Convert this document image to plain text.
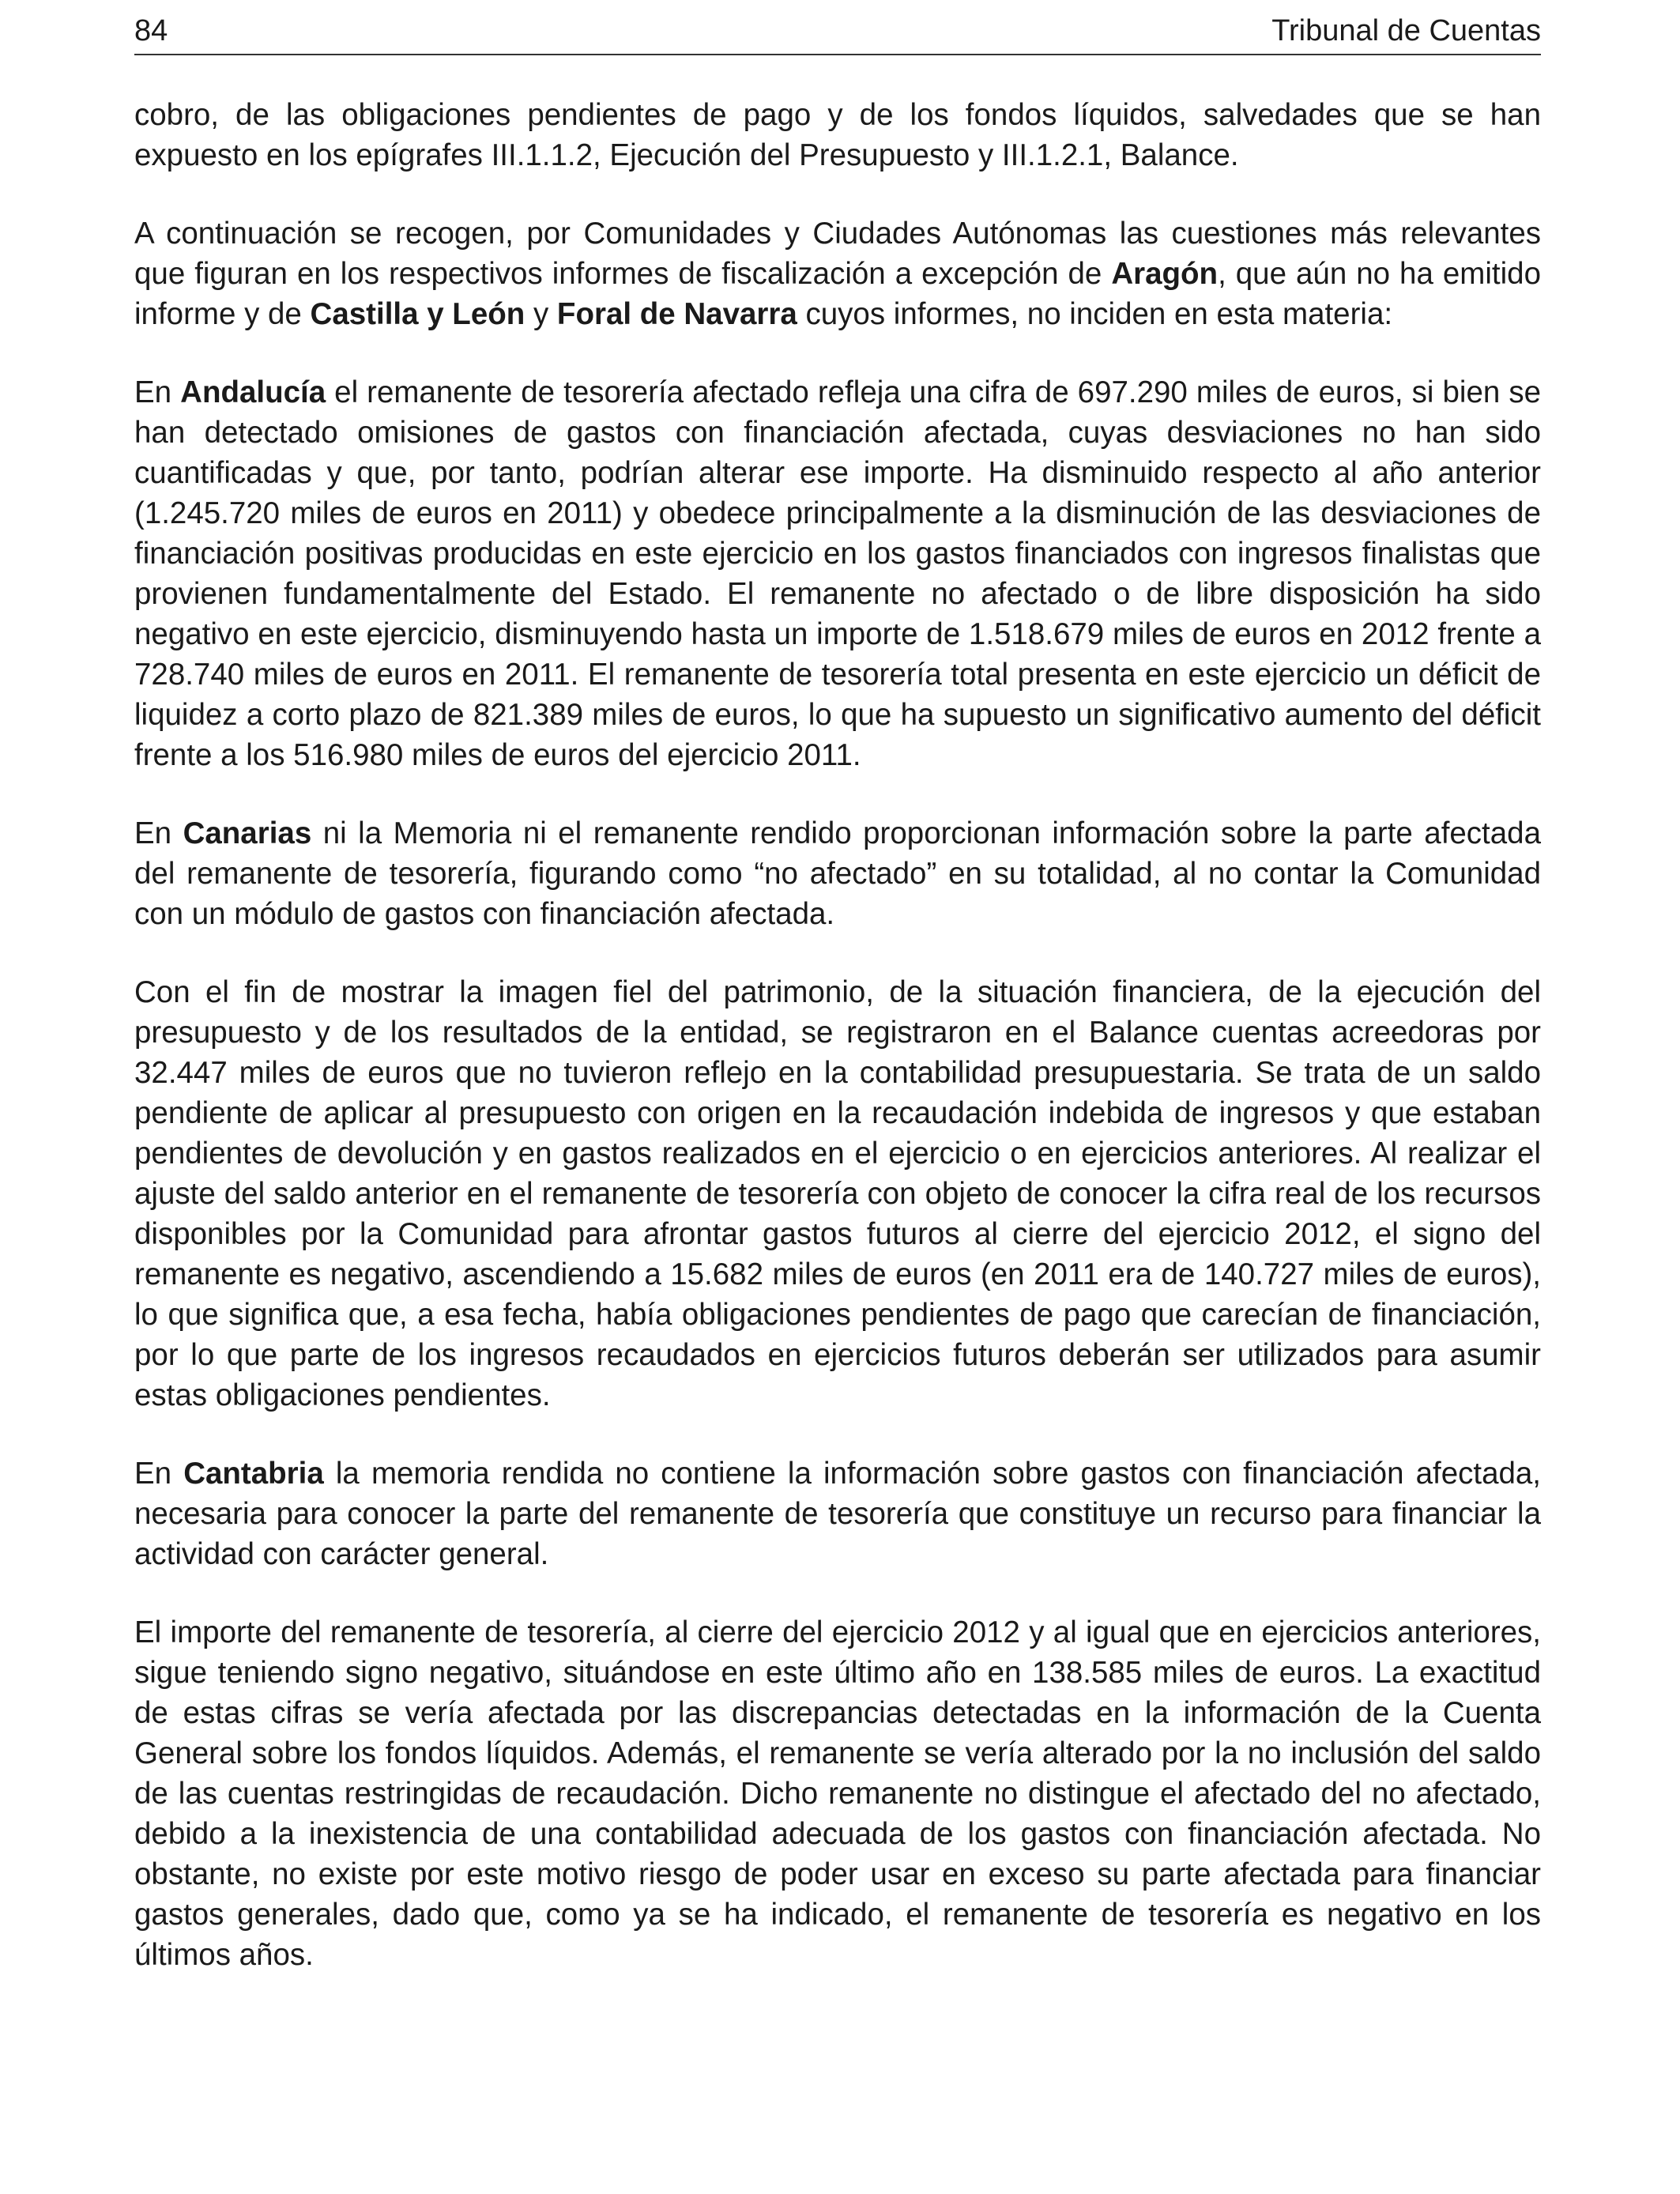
84	Tribunal de Cuentas

cobro, de las obligaciones pendientes de pago y de los fondos líquidos, salvedades que se han expuesto en los epígrafes III.1.1.2, Ejecución del Presupuesto y III.1.2.1, Balance.

A continuación se recogen, por Comunidades y Ciudades Autónomas las cuestiones más relevantes que figuran en los respectivos informes de fiscalización a excepción de Aragón, que aún no ha emitido informe y de Castilla y León y Foral de Navarra cuyos informes, no inciden en esta materia:

En Andalucía el remanente de tesorería afectado refleja una cifra de 697.290 miles de euros, si bien se han detectado omisiones de gastos con financiación afectada, cuyas desviaciones no han sido cuantificadas y que, por tanto, podrían alterar ese importe. Ha disminuido respecto al año anterior (1.245.720 miles de euros en 2011) y obedece principalmente a la disminución de las desviaciones de financiación positivas producidas en este ejercicio en los gastos financiados con ingresos finalistas que provienen fundamentalmente del Estado. El remanente no afectado o de libre disposición ha sido negativo en este ejercicio, disminuyendo hasta un importe de 1.518.679 miles de euros en 2012 frente a 728.740 miles de euros en 2011. El remanente de tesorería total presenta en este ejercicio un déficit de liquidez a corto plazo de 821.389 miles de euros, lo que ha supuesto un significativo aumento del déficit frente a los 516.980 miles de euros del ejercicio 2011.

En Canarias ni la Memoria ni el remanente rendido proporcionan información sobre la parte afectada del remanente de tesorería, figurando como “no afectado” en su totalidad, al no contar la Comunidad con un módulo de gastos con financiación afectada.

Con el fin de mostrar la imagen fiel del patrimonio, de la situación financiera, de la ejecución del presupuesto y de los resultados de la entidad, se registraron en el Balance cuentas acreedoras por 32.447 miles de euros que no tuvieron reflejo en la contabilidad presupuestaria. Se trata de un saldo pendiente de aplicar al presupuesto con origen en la recaudación indebida de ingresos y que estaban pendientes de devolución y en gastos realizados en el ejercicio o en ejercicios anteriores. Al realizar el ajuste del saldo anterior en el remanente de tesorería con objeto de conocer la cifra real de los recursos disponibles por la Comunidad para afrontar gastos futuros al cierre del ejercicio 2012, el signo del remanente es negativo, ascendiendo a 15.682 miles de euros (en 2011 era de 140.727 miles de euros), lo que significa que, a esa fecha, había obligaciones pendientes de pago que carecían de financiación, por lo que parte de los ingresos recaudados en ejercicios futuros deberán ser utilizados para asumir estas obligaciones pendientes.

En Cantabria la memoria rendida no contiene la información sobre gastos con financiación afectada, necesaria para conocer la parte del remanente de tesorería que constituye un recurso para financiar la actividad con carácter general.

El importe del remanente de tesorería, al cierre del ejercicio 2012 y al igual que en ejercicios anteriores, sigue teniendo signo negativo, situándose en este último año en 138.585 miles de euros. La exactitud de estas cifras se vería afectada por las discrepancias detectadas en la información de la Cuenta General sobre los fondos líquidos. Además, el remanente se vería alterado por la no inclusión del saldo de las cuentas restringidas de recaudación. Dicho remanente no distingue el afectado del no afectado, debido a la inexistencia de una contabilidad adecuada de los gastos con financiación afectada. No obstante, no existe por este motivo riesgo de poder usar en exceso su parte afectada para financiar gastos generales, dado que, como ya se ha indicado, el remanente de tesorería es negativo en los últimos años.
